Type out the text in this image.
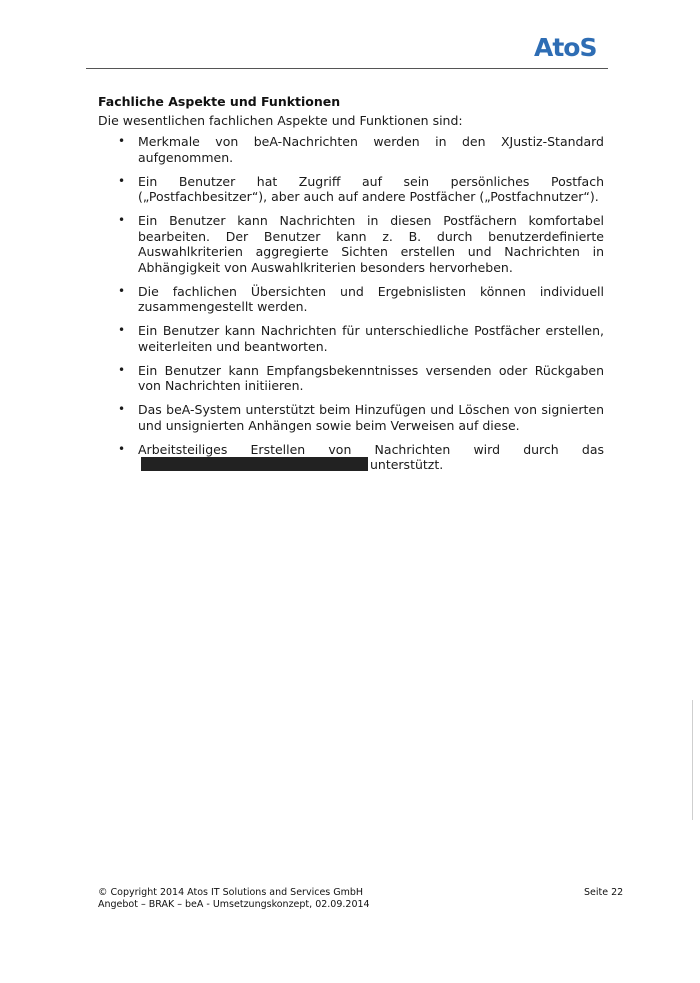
AtoS
Fachliche Aspekte und Funktionen
Die wesentlichen fachlichen Aspekte und Funktionen sind:
• Merkmale von beA-Nachrichten werden in den XJustiz-Standard aufgenommen.
• Ein Benutzer hat Zugriff auf sein persönliches Postfach („Postfachbesitzer“), aber auch auf andere Postfächer („Postfachnutzer“).
• Ein Benutzer kann Nachrichten in diesen Postfächern komfortabel bearbeiten. Der Benutzer kann z. B. durch benutzerdefinierte Auswahlkriterien aggregierte Sichten erstellen und Nachrichten in Abhängigkeit von Auswahlkriterien besonders hervorheben.
• Die fachlichen Übersichten und Ergebnislisten können individuell zusammengestellt werden.
• Ein Benutzer kann Nachrichten für unterschiedliche Postfächer erstellen, weiterleiten und beantworten.
• Ein Benutzer kann Empfangsbekenntnisses versenden oder Rückgaben von Nachrichten initiieren.
• Das beA-System unterstützt beim Hinzufügen und Löschen von signierten und unsignierten Anhängen sowie beim Verweisen auf diese.
• Arbeitsteiliges Erstellen von Nachrichten wird durch das unterstützt.
© Copyright 2014 Atos IT Solutions and Services GmbH
Angebot – BRAK – beA - Umsetzungskonzept, 02.09.2014
Seite 22
